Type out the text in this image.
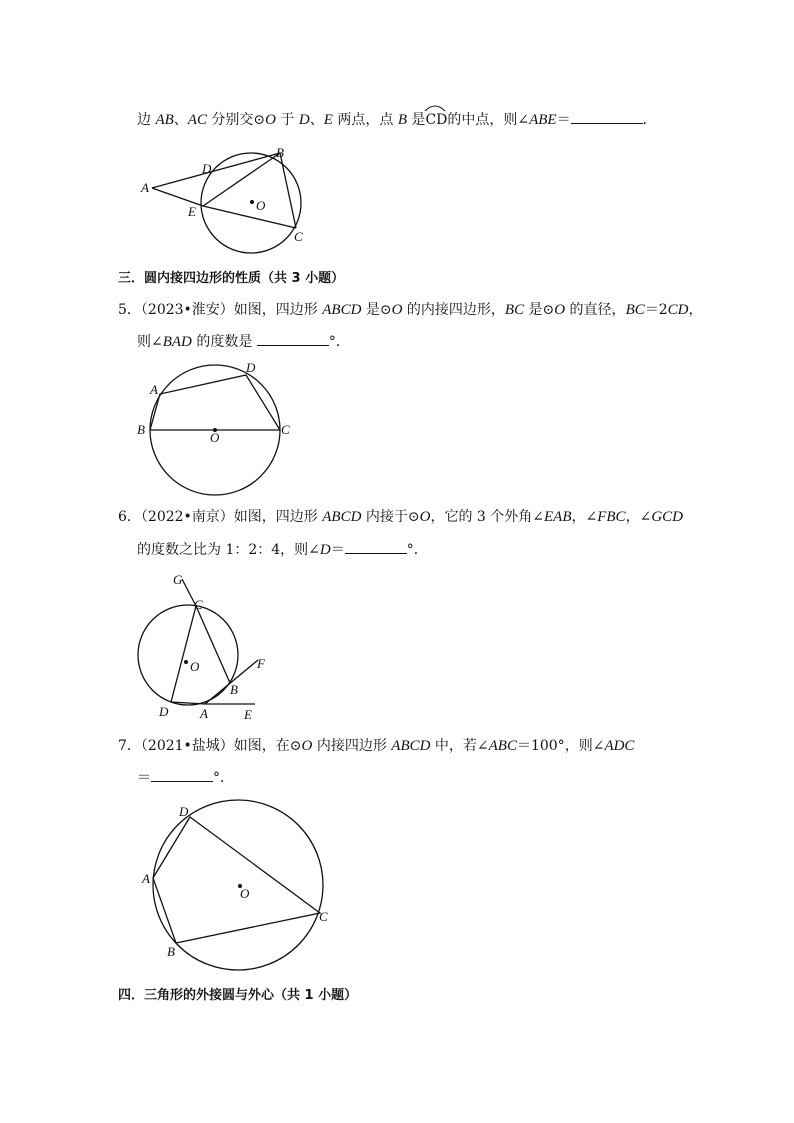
边 AB、AC 分别交⊙O 于 D、E 两点，点 B 是
CD的中点，则∠ABE＝	．
A
B
C
D
E	O
三．圆内接四边形的性质（共 3 小题）
5．（2023•淮安）如图，四边形 ABCD 是⊙O 的内接四边形，BC 是⊙O 的直径，BC＝2CD，
则∠BAD 的度数是	°．
A
B	C
D
O
6．（2022•南京）如图，四边形 ABCD 内接于⊙O，它的 3 个外角∠EAB，∠FBC，∠GCD
的度数之比为 1：2：4，则∠D＝	°．
G
C
F
B
O
D A	E
7．（2021•盐城）如图，在⊙O 内接四边形 ABCD 中，若∠ABC＝100°，则∠ADC
＝	°．
D
A
B
C
O
四．三角形的外接圆与外心（共 1 小题）
